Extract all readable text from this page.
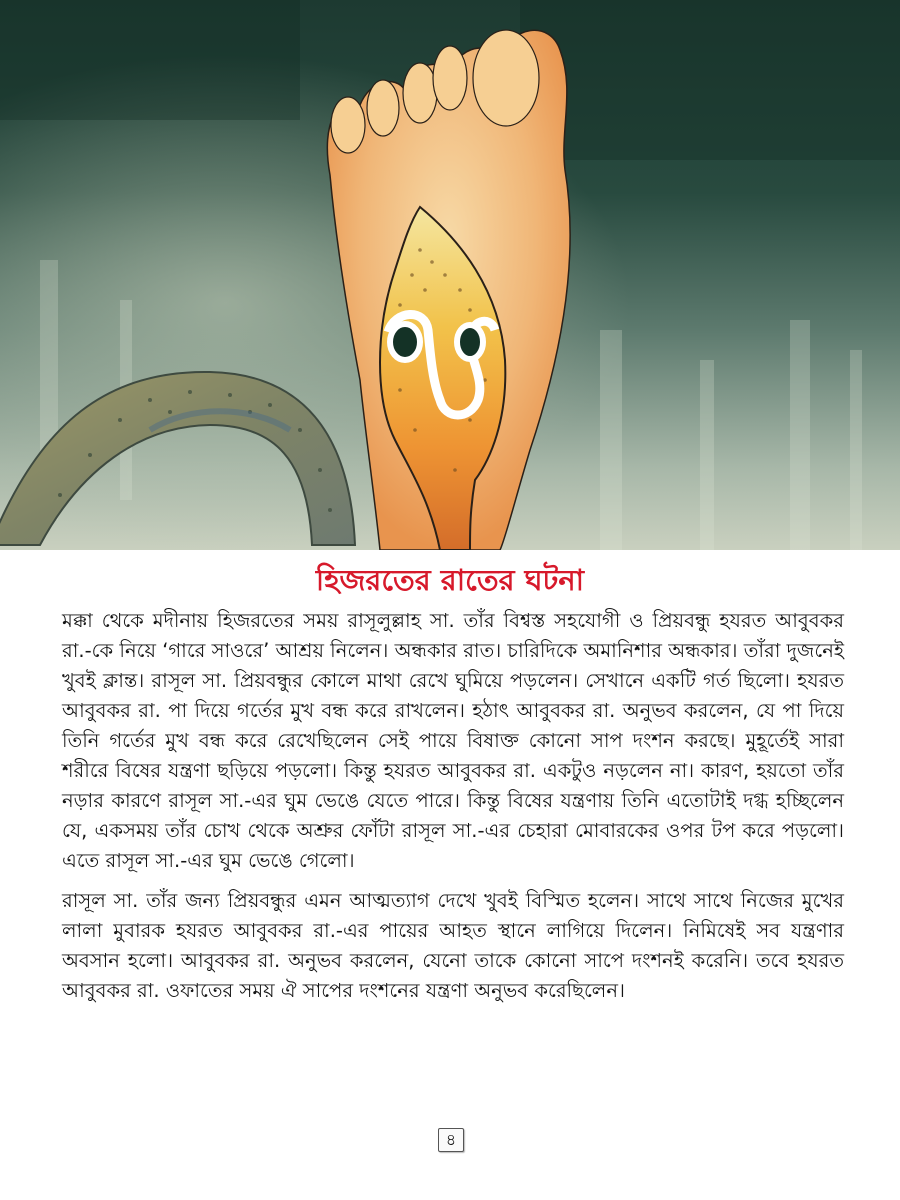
হিজরতের রাতের ঘটনা

মক্কা থেকে মদীনায় হিজরতের সময় রাসূলুল্লাহ সা. তাঁর বিশ্বস্ত সহযোগী ও প্রিয়বন্ধু হযরত আবুবকর রা.-কে নিয়ে ‘গারে সাওরে’ আশ্রয় নিলেন। অন্ধকার রাত। চারিদিকে অমানিশার অন্ধকার। তাঁরা দুজনেই খুবই ক্লান্ত। রাসূল সা. প্রিয়বন্ধুর কোলে মাথা রেখে ঘুমিয়ে পড়লেন। সেখানে একটি গর্ত ছিলো। হযরত আবুবকর রা. পা দিয়ে গর্তের মুখ বন্ধ করে রাখলেন। হঠাৎ আবুবকর রা. অনুভব করলেন, যে পা দিয়ে তিনি গর্তের মুখ বন্ধ করে রেখেছিলেন সেই পায়ে বিষাক্ত কোনো সাপ দংশন করছে। মুহূর্তেই সারা শরীরে বিষের যন্ত্রণা ছড়িয়ে পড়লো। কিন্তু হযরত আবুবকর রা. একটুও নড়লেন না। কারণ, হয়তো তাঁর নড়ার কারণে রাসূল সা.-এর ঘুম ভেঙে যেতে পারে। কিন্তু বিষের যন্ত্রণায় তিনি এতোটাই দগ্ধ হচ্ছিলেন যে, একসময় তাঁর চোখ থেকে অশ্রুর ফোঁটা রাসূল সা.-এর চেহারা মোবারকের ওপর টপ করে পড়লো। এতে রাসূল সা.-এর ঘুম ভেঙে গেলো।

রাসূল সা. তাঁর জন্য প্রিয়বন্ধুর এমন আত্মত্যাগ দেখে খুবই বিস্মিত হলেন। সাথে সাথে নিজের মুখের লালা মুবারক হযরত আবুবকর রা.-এর পায়ের আহত স্থানে লাগিয়ে দিলেন। নিমিষেই সব যন্ত্রণার অবসান হলো। আবুবকর রা. অনুভব করলেন, যেনো তাকে কোনো সাপে দংশনই করেনি। তবে হযরত আবুবকর রা. ওফাতের সময় ঐ সাপের দংশনের যন্ত্রণা অনুভব করেছিলেন।

৪
